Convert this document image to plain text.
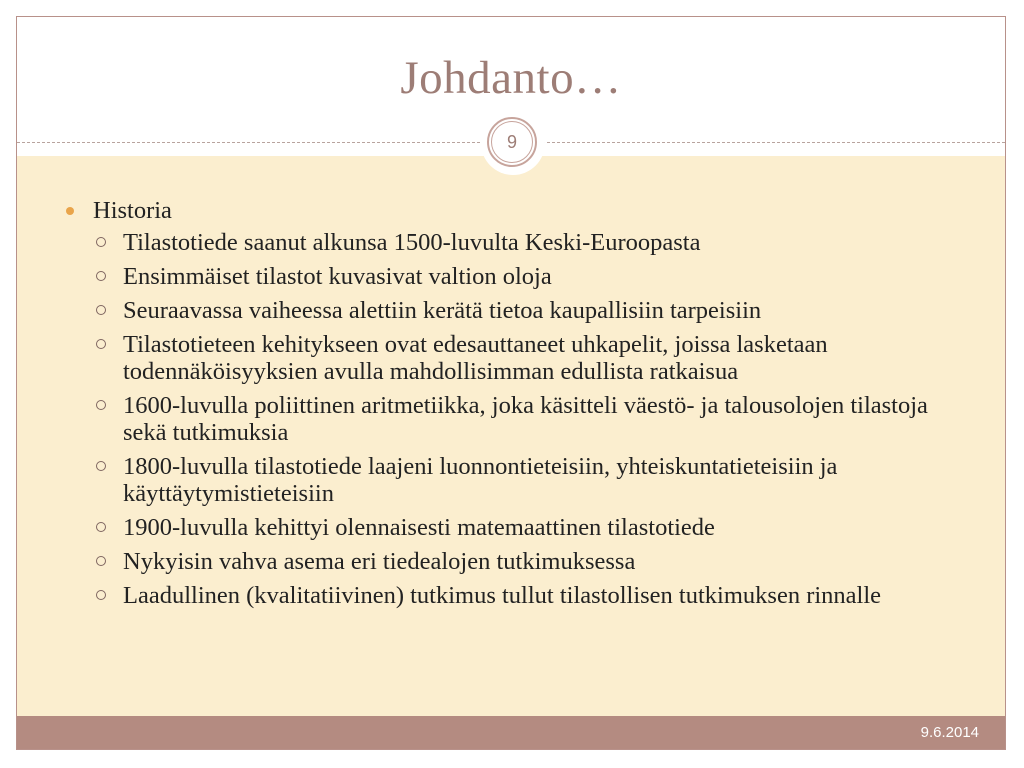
Johdanto…
9
Historia
Tilastotiede saanut alkunsa 1500-luvulta Keski-Euroopasta
Ensimmäiset tilastot kuvasivat valtion oloja
Seuraavassa vaiheessa alettiin kerätä tietoa kaupallisiin tarpeisiin
Tilastotieteen kehitykseen ovat edesauttaneet uhkapelit, joissa lasketaan todennäköisyyksien avulla mahdollisimman edullista ratkaisua
1600-luvulla poliittinen aritmetiikka, joka käsitteli väestö- ja talousolojen tilastoja sekä tutkimuksia
1800-luvulla tilastotiede laajeni luonnontieteisiin, yhteiskuntatieteisiin ja käyttäytymistieteisiin
1900-luvulla kehittyi olennaisesti matemaattinen tilastotiede
Nykyisin vahva asema eri tiedealojen tutkimuksessa
Laadullinen (kvalitatiivinen) tutkimus tullut tilastollisen tutkimuksen rinnalle
9.6.2014
